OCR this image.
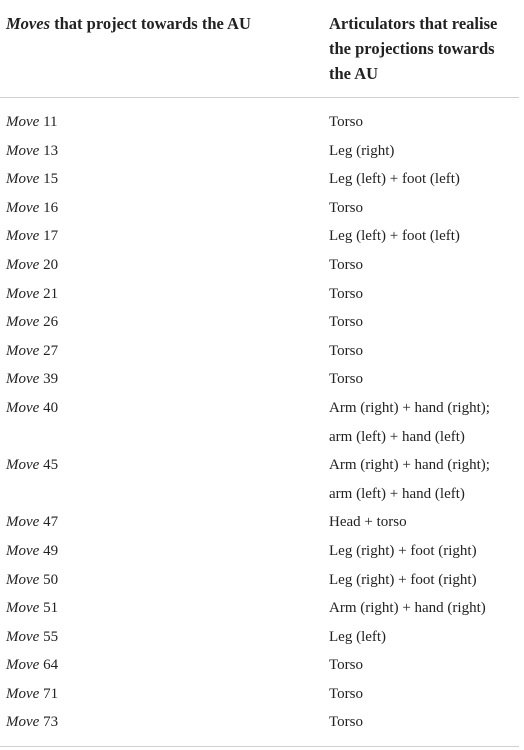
Moves that project towards the AU	Articulators that realise the projections towards the AU
Move 11	Torso
Move 13	Leg (right)
Move 15	Leg (left) + foot (left)
Move 16	Torso
Move 17	Leg (left) + foot (left)
Move 20	Torso
Move 21	Torso
Move 26	Torso
Move 27	Torso
Move 39	Torso
Move 40	Arm (right) + hand (right);
arm (left) + hand (left)
Move 45	Arm (right) + hand (right);
arm (left) + hand (left)
Move 47	Head + torso
Move 49	Leg (right) + foot (right)
Move 50	Leg (right) + foot (right)
Move 51	Arm (right) + hand (right)
Move 55	Leg (left)
Move 64	Torso
Move 71	Torso
Move 73	Torso
